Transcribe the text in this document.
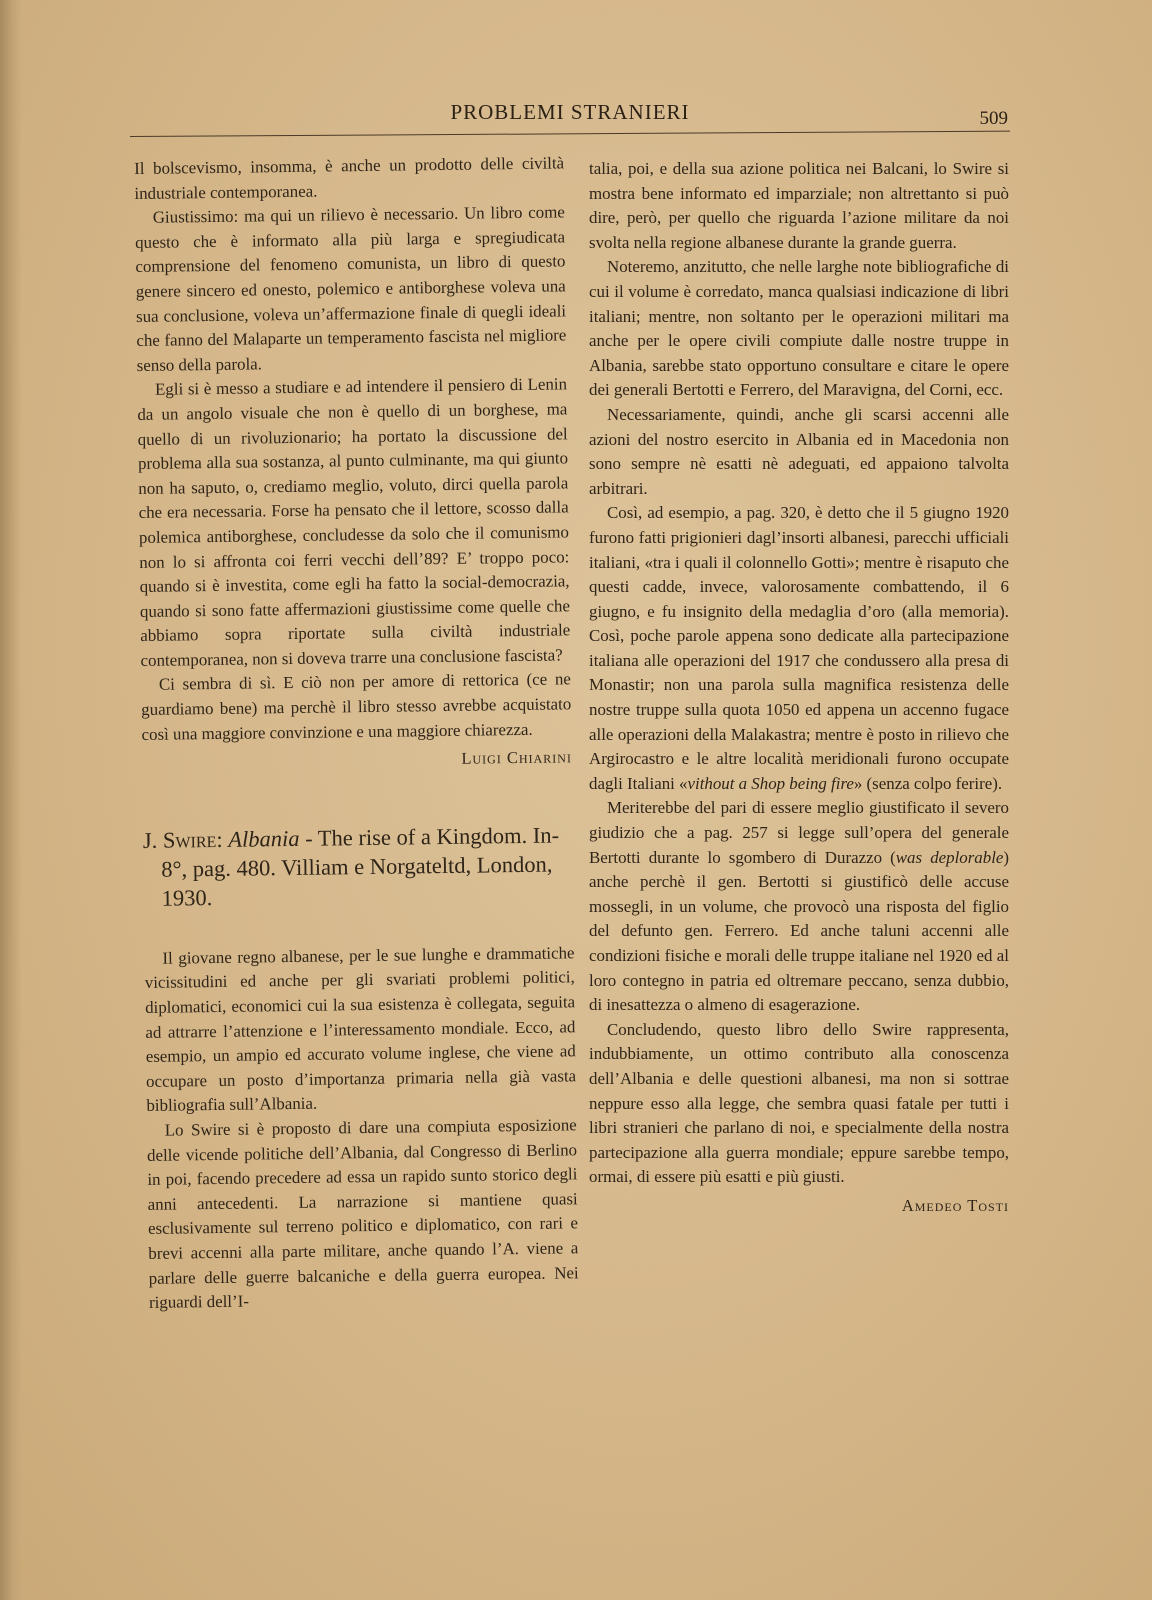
PROBLEMI STRANIERI	509

Il bolscevismo, insomma, è anche un prodotto delle civiltà industriale contemporanea.

Giustissimo: ma qui un rilievo è necessario. Un libro come questo che è informato alla più larga e spregiudicata comprensione del fenomeno comunista, un libro di questo genere sincero ed onesto, polemico e antiborghese voleva una sua conclusione, voleva un’affermazione finale di quegli ideali che fanno del Malaparte un temperamento fascista nel migliore senso della parola.

Egli si è messo a studiare e ad intendere il pensiero di Lenin da un angolo visuale che non è quello di un borghese, ma quello di un rivoluzionario; ha portato la discussione del problema alla sua sostanza, al punto culminante, ma qui giunto non ha saputo, o, crediamo meglio, voluto, dirci quella parola che era necessaria. Forse ha pensato che il lettore, scosso dalla polemica antiborghese, concludesse da solo che il comunismo non lo si affronta coi ferri vecchi dell’89? E’ troppo poco: quando si è investita, come egli ha fatto la social-democrazia, quando si sono fatte affermazioni giustissime come quelle che abbiamo sopra riportate sulla civiltà industriale contemporanea, non si doveva trarre una conclusione fascista?

Ci sembra di sì. E ciò non per amore di rettorica (ce ne guardiamo bene) ma perchè il libro stesso avrebbe acquistato così una maggiore convinzione e una maggiore chiarezza.

Luigi Chiarini
J. Swire: Albania - The rise of a Kingdom. In-8°, pag. 480. Villiam e Norgateltd, London, 1930.

Il giovane regno albanese, per le sue lunghe e drammatiche vicissitudini ed anche per gli svariati problemi politici, diplomatici, economici cui la sua esistenza è collegata, seguita ad attrarre l’attenzione e l’interessamento mondiale. Ecco, ad esempio, un ampio ed accurato volume inglese, che viene ad occupare un posto d’importanza primaria nella già vasta bibliografia sull’Albania.

Lo Swire si è proposto di dare una compiuta esposizione delle vicende politiche dell’Albania, dal Congresso di Berlino in poi, facendo precedere ad essa un rapido sunto storico degli anni antecedenti. La narrazione si mantiene quasi esclusivamente sul terreno politico e diplomatico, con rari e brevi accenni alla parte militare, anche quando l’A. viene a parlare delle guerre balcaniche e della guerra europea. Nei riguardi dell’I-

talia, poi, e della sua azione politica nei Balcani, lo Swire si mostra bene informato ed imparziale; non altrettanto si può dire, però, per quello che riguarda l’azione militare da noi svolta nella regione albanese durante la grande guerra.

Noteremo, anzitutto, che nelle larghe note bibliografiche di cui il volume è corredato, manca qualsiasi indicazione di libri italiani; mentre, non soltanto per le operazioni militari ma anche per le opere civili compiute dalle nostre truppe in Albania, sarebbe stato opportuno consultare e citare le opere dei generali Bertotti e Ferrero, del Maravigna, del Corni, ecc.

Necessariamente, quindi, anche gli scarsi accenni alle azioni del nostro esercito in Albania ed in Macedonia non sono sempre nè esatti nè adeguati, ed appaiono talvolta arbitrari.

Così, ad esempio, a pag. 320, è detto che il 5 giugno 1920 furono fatti prigionieri dagl’insorti albanesi, parecchi ufficiali italiani, «tra i quali il colonnello Gotti»; mentre è risaputo che questi cadde, invece, valorosamente combattendo, il 6 giugno, e fu insignito della medaglia d’oro (alla memoria). Così, poche parole appena sono dedicate alla partecipazione italiana alle operazioni del 1917 che condussero alla presa di Monastir; non una parola sulla magnifica resistenza delle nostre truppe sulla quota 1050 ed appena un accenno fugace alle operazioni della Malakastra; mentre è posto in rilievo che Argirocastro e le altre località meridionali furono occupate dagli Italiani «vithout a Shop being fire» (senza colpo ferire).

Meriterebbe del pari di essere meglio giustificato il severo giudizio che a pag. 257 si legge sull’opera del generale Bertotti durante lo sgombero di Durazzo (was deplorable) anche perchè il gen. Bertotti si giustificò delle accuse mossegli, in un volume, che provocò una risposta del figlio del defunto gen. Ferrero. Ed anche taluni accenni alle condizioni fisiche e morali delle truppe italiane nel 1920 ed al loro contegno in patria ed oltremare peccano, senza dubbio, di inesattezza o almeno di esagerazione.

Concludendo, questo libro dello Swire rappresenta, indubbiamente, un ottimo contributo alla conoscenza dell’Albania e delle questioni albanesi, ma non si sottrae neppure esso alla legge, che sembra quasi fatale per tutti i libri stranieri che parlano di noi, e specialmente della nostra partecipazione alla guerra mondiale; eppure sarebbe tempo, ormai, di essere più esatti e più giusti.

Amedeo Tosti
